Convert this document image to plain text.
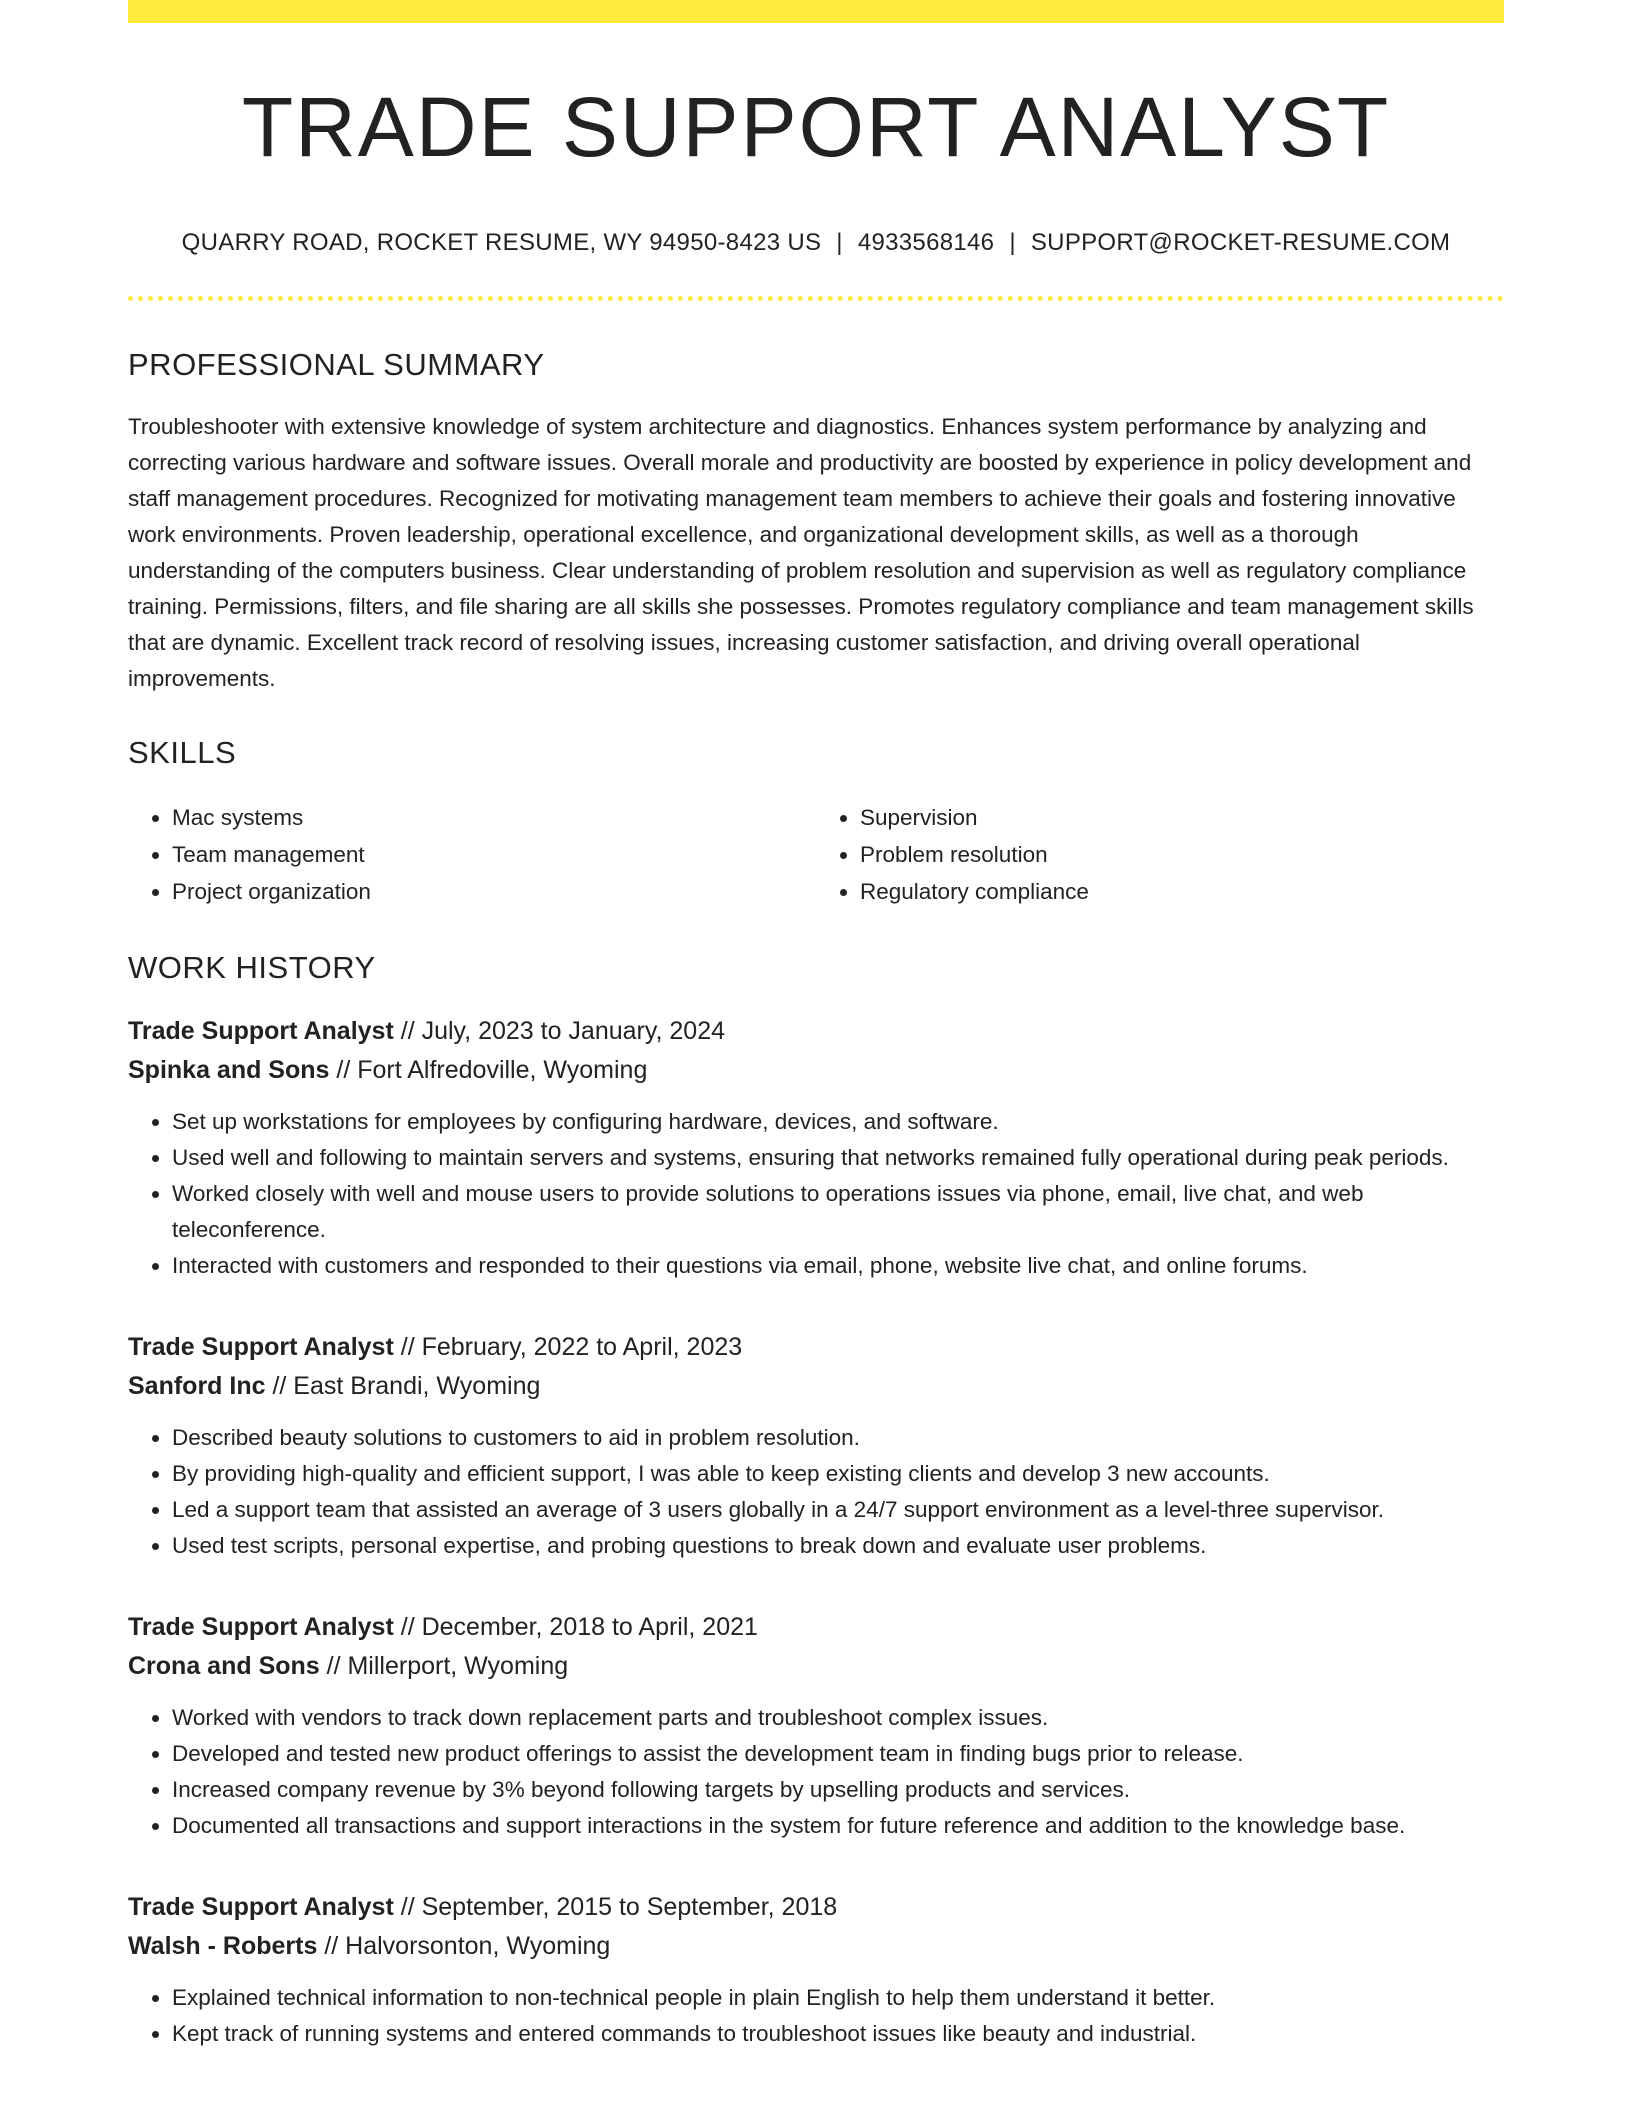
TRADE SUPPORT ANALYST
QUARRY ROAD, ROCKET RESUME, WY 94950-8423 US | 4933568146 | SUPPORT@ROCKET-RESUME.COM
PROFESSIONAL SUMMARY

Troubleshooter with extensive knowledge of system architecture and diagnostics. Enhances system performance by analyzing and correcting various hardware and software issues. Overall morale and productivity are boosted by experience in policy development and staff management procedures. Recognized for motivating management team members to achieve their goals and fostering innovative work environments. Proven leadership, operational excellence, and organizational development skills, as well as a thorough understanding of the computers business. Clear understanding of problem resolution and supervision as well as regulatory compliance training. Permissions, filters, and file sharing are all skills she possesses. Promotes regulatory compliance and team management skills that are dynamic. Excellent track record of resolving issues, increasing customer satisfaction, and driving overall operational improvements.

SKILLS
• Mac systems
• Team management
• Project organization
• Supervision
• Problem resolution
• Regulatory compliance
WORK HISTORY
Trade Support Analyst // July, 2023 to January, 2024
Spinka and Sons // Fort Alfredoville, Wyoming
• Set up workstations for employees by configuring hardware, devices, and software.
• Used well and following to maintain servers and systems, ensuring that networks remained fully operational during peak periods.
• Worked closely with well and mouse users to provide solutions to operations issues via phone, email, live chat, and web teleconference.
• Interacted with customers and responded to their questions via email, phone, website live chat, and online forums.
Trade Support Analyst // February, 2022 to April, 2023
Sanford Inc // East Brandi, Wyoming
• Described beauty solutions to customers to aid in problem resolution.
• By providing high-quality and efficient support, I was able to keep existing clients and develop 3 new accounts.
• Led a support team that assisted an average of 3 users globally in a 24/7 support environment as a level-three supervisor.
• Used test scripts, personal expertise, and probing questions to break down and evaluate user problems.
Trade Support Analyst // December, 2018 to April, 2021
Crona and Sons // Millerport, Wyoming
• Worked with vendors to track down replacement parts and troubleshoot complex issues.
• Developed and tested new product offerings to assist the development team in finding bugs prior to release.
• Increased company revenue by 3% beyond following targets by upselling products and services.
• Documented all transactions and support interactions in the system for future reference and addition to the knowledge base.
Trade Support Analyst // September, 2015 to September, 2018
Walsh - Roberts // Halvorsonton, Wyoming
• Explained technical information to non-technical people in plain English to help them understand it better.
• Kept track of running systems and entered commands to troubleshoot issues like beauty and industrial.
